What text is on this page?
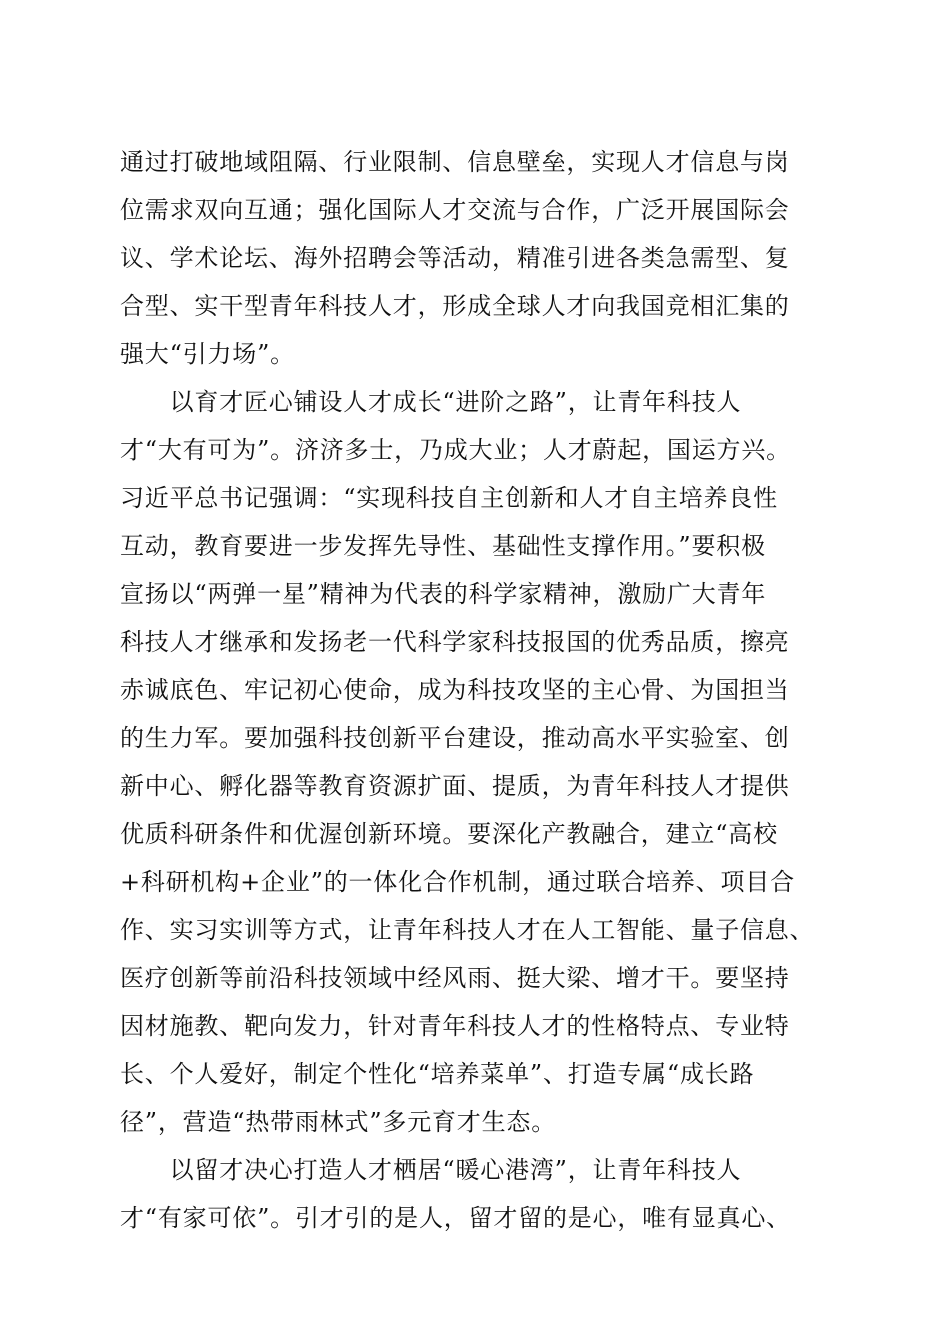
通过打破地域阻隔、行业限制、信息壁垒，实现人才信息与岗
位需求双向互通；强化国际人才交流与合作，广泛开展国际会
议、学术论坛、海外招聘会等活动，精准引进各类急需型、复
合型、实干型青年科技人才，形成全球人才向我国竞相汇集的
强大“引力场”。
　　以育才匠心铺设人才成长“进阶之路”，让青年科技人
才“大有可为”。济济多士，乃成大业；人才蔚起，国运方兴。
习近平总书记强调：“实现科技自主创新和人才自主培养良性
互动，教育要进一步发挥先导性、基础性支撑作用。”要积极
宣扬以“两弹一星”精神为代表的科学家精神，激励广大青年
科技人才继承和发扬老一代科学家科技报国的优秀品质，擦亮
赤诚底色、牢记初心使命，成为科技攻坚的主心骨、为国担当
的生力军。要加强科技创新平台建设，推动高水平实验室、创
新中心、孵化器等教育资源扩面、提质，为青年科技人才提供
优质科研条件和优渥创新环境。要深化产教融合，建立“高校
+科研机构+企业”的一体化合作机制，通过联合培养、项目合
作、实习实训等方式，让青年科技人才在人工智能、量子信息、
医疗创新等前沿科技领域中经风雨、挺大梁、增才干。要坚持
因材施教、靶向发力，针对青年科技人才的性格特点、专业特
长、个人爱好，制定个性化“培养菜单”、打造专属“成长路
径”，营造“热带雨林式”多元育才生态。
　　以留才决心打造人才栖居“暖心港湾”，让青年科技人
才“有家可依”。引才引的是人，留才留的是心，唯有显真心、
